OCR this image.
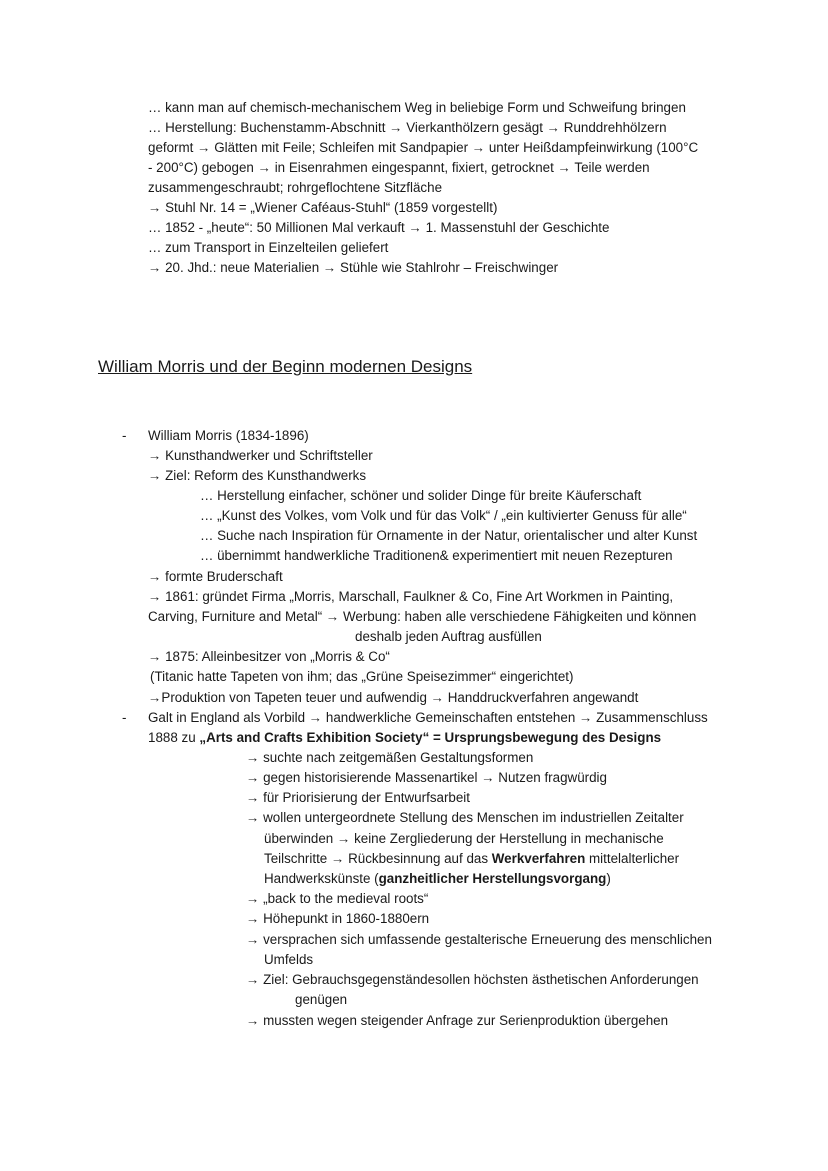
… kann man auf chemisch-mechanischem Weg in beliebige Form und Schweifung bringen
… Herstellung: Buchenstamm-Abschnitt → Vierkanthölzern gesägt → Runddrehhölzern
geformt → Glätten mit Feile; Schleifen mit Sandpapier → unter Heißdampfeinwirkung (100°C
- 200°C) gebogen → in Eisenrahmen eingespannt, fixiert, getrocknet → Teile werden
zusammengeschraubt; rohrgeflochtene Sitzfläche
→ Stuhl Nr. 14 = „Wiener Caféaus-Stuhl“ (1859 vorgestellt)
… 1852 - „heute“: 50 Millionen Mal verkauft → 1. Massenstuhl der Geschichte
… zum Transport in Einzelteilen geliefert
→ 20. Jhd.: neue Materialien → Stühle wie Stahlrohr – Freischwinger
William Morris und der Beginn modernen Designs
- William Morris (1834-1896)
→ Kunsthandwerker und Schriftsteller
→ Ziel: Reform des Kunsthandwerks
… Herstellung einfacher, schöner und solider Dinge für breite Käuferschaft
… „Kunst des Volkes, vom Volk und für das Volk“ / „ein kultivierter Genuss für alle“
… Suche nach Inspiration für Ornamente in der Natur, orientalischer und alter Kunst
… übernimmt handwerkliche Traditionen& experimentiert mit neuen Rezepturen
→ formte Bruderschaft
→ 1861: gründet Firma „Morris, Marschall, Faulkner & Co, Fine Art Workmen in Painting,
Carving, Furniture and Metal“ → Werbung: haben alle verschiedene Fähigkeiten und können
deshalb jeden Auftrag ausfüllen
→ 1875: Alleinbesitzer von „Morris & Co“
(Titanic hatte Tapeten von ihm; das „Grüne Speisezimmer“ eingerichtet)
→Produktion von Tapeten teuer und aufwendig → Handdruckverfahren angewandt
- Galt in England als Vorbild → handwerkliche Gemeinschaften entstehen → Zusammenschluss
1888 zu „Arts and Crafts Exhibition Society“ = Ursprungsbewegung des Designs
→ suchte nach zeitgemäßen Gestaltungsformen
→ gegen historisierende Massenartikel → Nutzen fragwürdig
→ für Priorisierung der Entwurfsarbeit
→ wollen untergeordnete Stellung des Menschen im industriellen Zeitalter
überwinden → keine Zergliederung der Herstellung in mechanische
Teilschritte → Rückbesinnung auf das Werkverfahren mittelalterlicher
Handwerkskünste (ganzheitlicher Herstellungsvorgang)
→ „back to the medieval roots“
→ Höhepunkt in 1860-1880ern
→ versprachen sich umfassende gestalterische Erneuerung des menschlichen
Umfelds
→ Ziel: Gebrauchsgegenständesollen höchsten ästhetischen Anforderungen
genügen
→ mussten wegen steigender Anfrage zur Serienproduktion übergehen
